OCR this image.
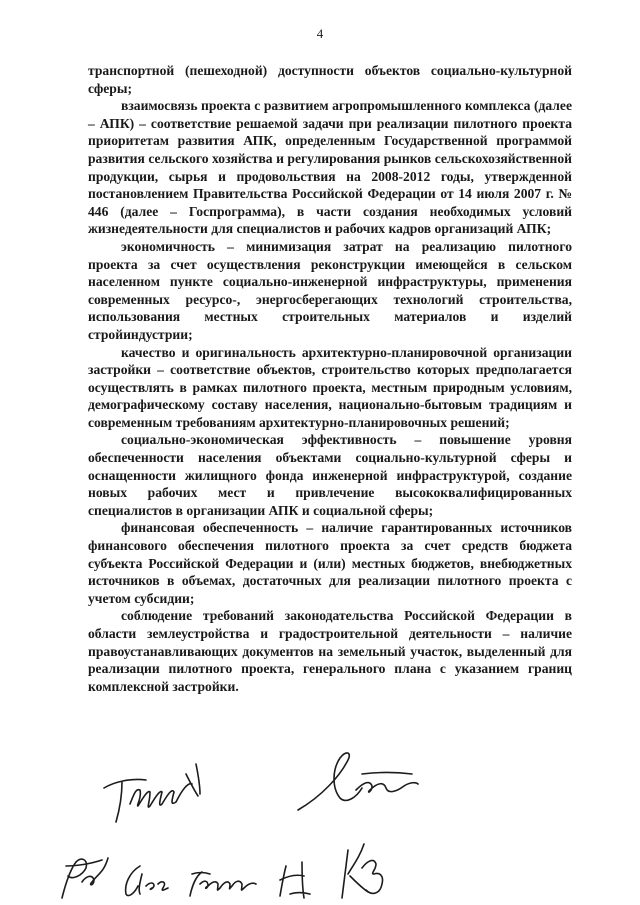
4

транспортной (пешеходной) доступности объектов социально-культурной сферы;

взаимосвязь проекта с развитием агропромышленного комплекса (далее – АПК) – соответствие решаемой задачи при реализации пилотного проекта приоритетам развития АПК, определенным Государственной программой развития сельского хозяйства и регулирования рынков сельскохозяйственной продукции, сырья и продовольствия на 2008-2012 годы, утвержденной постановлением Правительства Российской Федерации от 14 июля 2007 г. № 446 (далее – Госпрограмма), в части создания необходимых условий жизнедеятельности для специалистов и рабочих кадров организаций АПК;

экономичность – минимизация затрат на реализацию пилотного проекта за счет осуществления реконструкции имеющейся в сельском населенном пункте социально-инженерной инфраструктуры, применения современных ресурсо-, энергосберегающих технологий строительства, использования местных строительных материалов и изделий стройиндустрии;

качество и оригинальность архитектурно-планировочной организации застройки – соответствие объектов, строительство которых предполагается осуществлять в рамках пилотного проекта, местным природным условиям, демографическому составу населения, национально-бытовым традициям и современным требованиям архитектурно-планировочных решений;

социально-экономическая эффективность – повышение уровня обеспеченности населения объектами социально-культурной сферы и оснащенности жилищного фонда инженерной инфраструктурой, создание новых рабочих мест и привлечение высококвалифицированных специалистов в организации АПК и социальной сферы;

финансовая обеспеченность – наличие гарантированных источников финансового обеспечения пилотного проекта за счет средств бюджета субъекта Российской Федерации и (или) местных бюджетов, внебюджетных источников в объемах, достаточных для реализации пилотного проекта с учетом субсидии;

соблюдение требований законодательства Российской Федерации в области землеустройства и градостроительной деятельности – наличие правоустанавливающих документов на земельный участок, выделенный для реализации пилотного проекта, генерального плана с указанием границ комплексной застройки.
